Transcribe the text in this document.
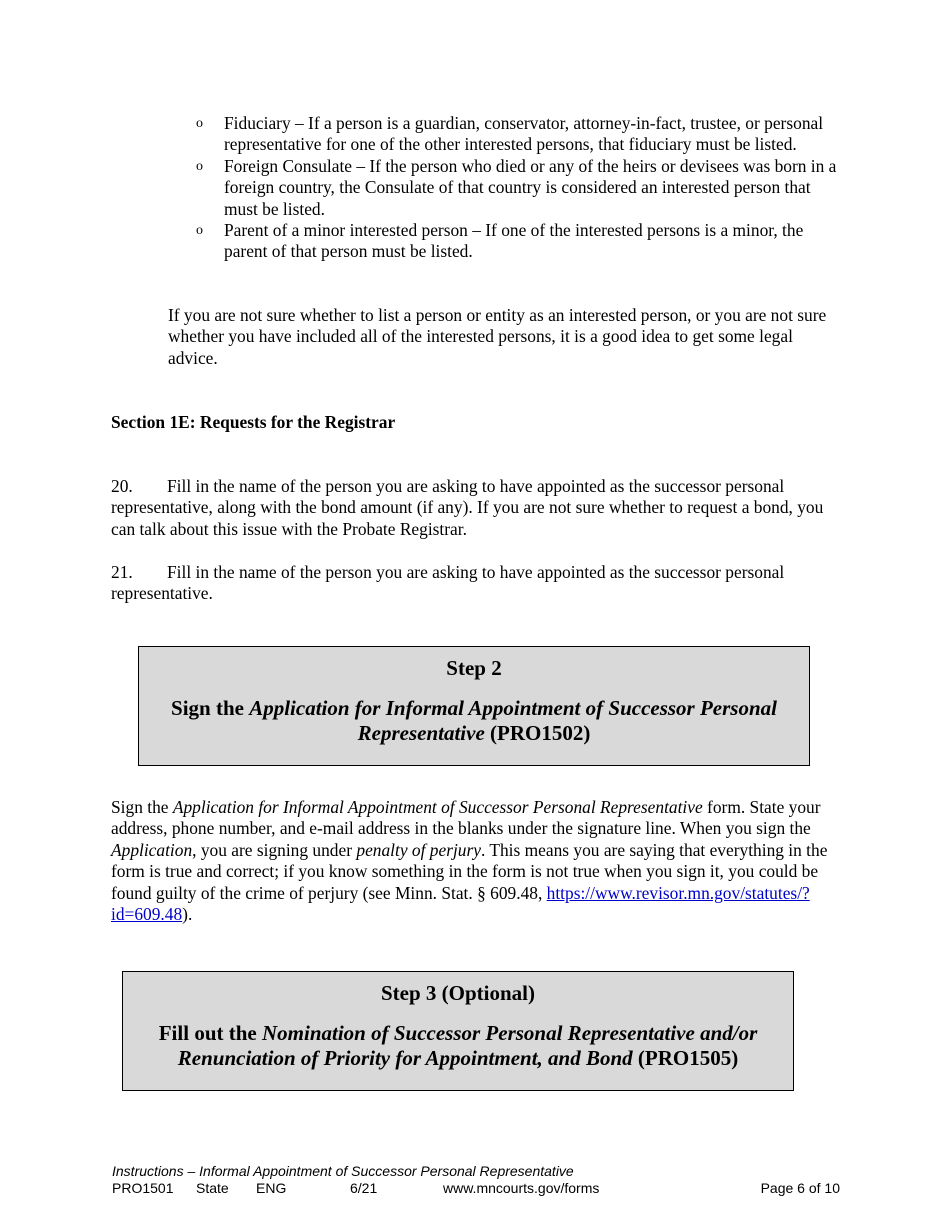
o Fiduciary – If a person is a guardian, conservator, attorney-in-fact, trustee, or personal representative for one of the other interested persons, that fiduciary must be listed.
o Foreign Consulate – If the person who died or any of the heirs or devisees was born in a foreign country, the Consulate of that country is considered an interested person that must be listed.
o Parent of a minor interested person – If one of the interested persons is a minor, the parent of that person must be listed.

If you are not sure whether to list a person or entity as an interested person, or you are not sure whether you have included all of the interested persons, it is a good idea to get some legal advice.

Section 1E: Requests for the Registrar

20. Fill in the name of the person you are asking to have appointed as the successor personal representative, along with the bond amount (if any). If you are not sure whether to request a bond, you can talk about this issue with the Probate Registrar.

21. Fill in the name of the person you are asking to have appointed as the successor personal representative.

Step 2
Sign the Application for Informal Appointment of Successor Personal Representative (PRO1502)

Sign the Application for Informal Appointment of Successor Personal Representative form. State your address, phone number, and e-mail address in the blanks under the signature line. When you sign the Application, you are signing under penalty of perjury. This means you are saying that everything in the form is true and correct; if you know something in the form is not true when you sign it, you could be found guilty of the crime of perjury (see Minn. Stat. § 609.48, https://www.revisor.mn.gov/statutes/?id=609.48).

Step 3 (Optional)
Fill out the Nomination of Successor Personal Representative and/or Renunciation of Priority for Appointment, and Bond (PRO1505)
Instructions – Informal Appointment of Successor Personal Representative
PRO1501 State ENG	6/21	www.mncourts.gov/forms	Page 6 of 10
